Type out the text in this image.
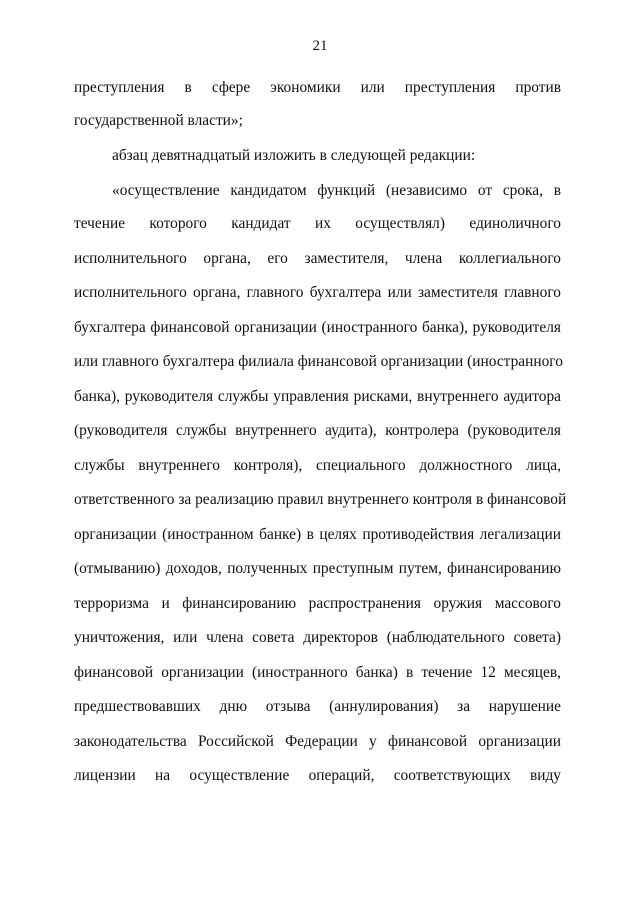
21
преступления в сфере экономики или преступления против
государственной власти»;
абзац девятнадцатый изложить в следующей редакции:
«осуществление кандидатом функций (независимо от срока, в
течение которого кандидат их осуществлял) единоличного
исполнительного органа, его заместителя, члена коллегиального
исполнительного органа, главного бухгалтера или заместителя главного
бухгалтера финансовой организации (иностранного банка), руководителя
или главного бухгалтера филиала финансовой организации (иностранного
банка), руководителя службы управления рисками, внутреннего аудитора
(руководителя службы внутреннего аудита), контролера (руководителя
службы внутреннего контроля), специального должностного лица,
ответственного за реализацию правил внутреннего контроля в финансовой
организации (иностранном банке) в целях противодействия легализации
(отмыванию) доходов, полученных преступным путем, финансированию
терроризма и финансированию распространения оружия массового
уничтожения, или члена совета директоров (наблюдательного совета)
финансовой организации (иностранного банка) в течение 12 месяцев,
предшествовавших дню отзыва (аннулирования) за нарушение
законодательства Российской Федерации у финансовой организации
лицензии на осуществление операций, соответствующих виду
